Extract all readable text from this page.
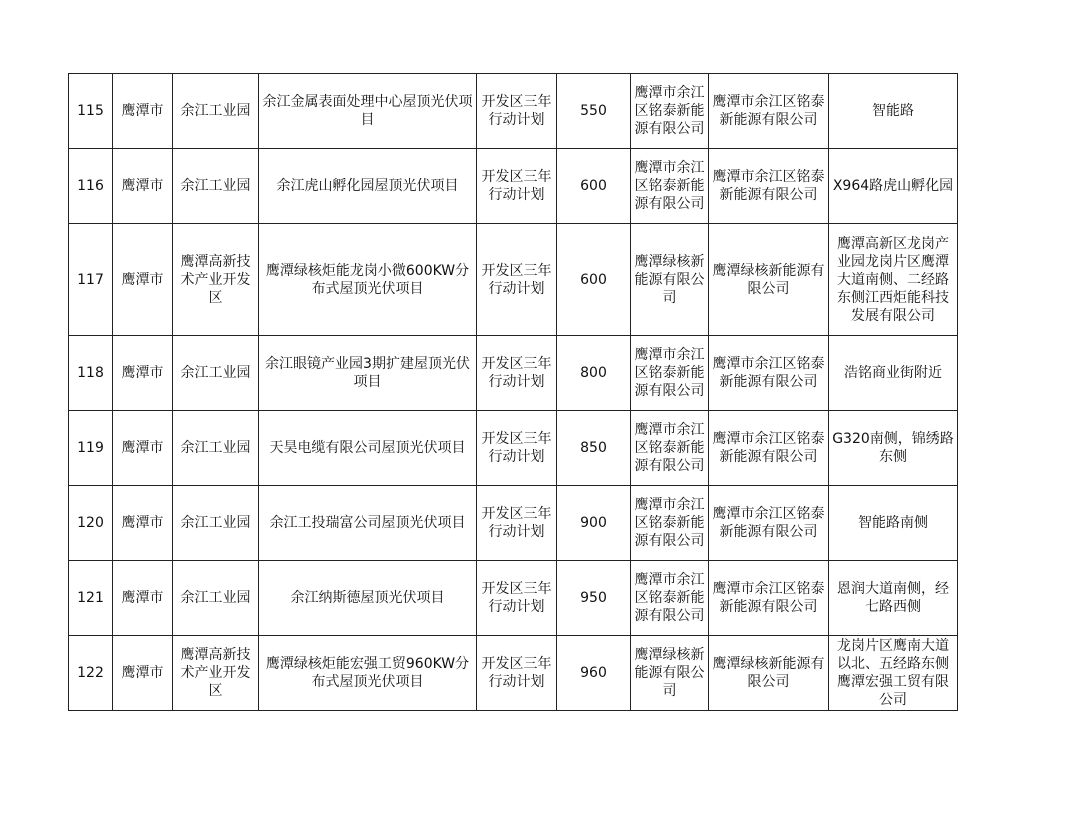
115	鹰潭市	余江工业园	余江金属表面处理中心屋顶光伏项目	开发区三年行动计划	550	鹰潭市余江区铭泰新能源有限公司	鹰潭市余江区铭泰新能源有限公司	智能路
116	鹰潭市	余江工业园	余江虎山孵化园屋顶光伏项目	开发区三年行动计划	600	鹰潭市余江区铭泰新能源有限公司	鹰潭市余江区铭泰新能源有限公司	X964路虎山孵化园
117	鹰潭市	鹰潭高新技术产业开发区	鹰潭绿核炬能龙岗小微600KW分布式屋顶光伏项目	开发区三年行动计划	600	鹰潭绿核新能源有限公司	鹰潭绿核新能源有限公司	鹰潭高新区龙岗产业园龙岗片区鹰潭大道南侧、二经路东侧江西炬能科技发展有限公司
118	鹰潭市	余江工业园	余江眼镜产业园3期扩建屋顶光伏项目	开发区三年行动计划	800	鹰潭市余江区铭泰新能源有限公司	鹰潭市余江区铭泰新能源有限公司	浩铭商业街附近
119	鹰潭市	余江工业园	天昊电缆有限公司屋顶光伏项目	开发区三年行动计划	850	鹰潭市余江区铭泰新能源有限公司	鹰潭市余江区铭泰新能源有限公司	G320南侧，锦绣路东侧
120	鹰潭市	余江工业园	余江工投瑞富公司屋顶光伏项目	开发区三年行动计划	900	鹰潭市余江区铭泰新能源有限公司	鹰潭市余江区铭泰新能源有限公司	智能路南侧
121	鹰潭市	余江工业园	余江纳斯德屋顶光伏项目	开发区三年行动计划	950	鹰潭市余江区铭泰新能源有限公司	鹰潭市余江区铭泰新能源有限公司	恩润大道南侧，经七路西侧
122	鹰潭市	鹰潭高新技术产业开发区	鹰潭绿核炬能宏强工贸960KW分布式屋顶光伏项目	开发区三年行动计划	960	鹰潭绿核新能源有限公司	鹰潭绿核新能源有限公司	龙岗片区鹰南大道以北、五经路东侧鹰潭宏强工贸有限公司
